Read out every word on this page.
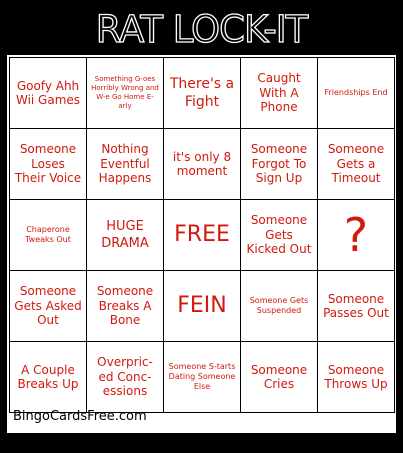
RAT LOCK-IT
Goofy Ahh Wii Games
Something G-oes Horribly Wrong and W-e Go Home E-arly
There's a Fight
Caught With A Phone
Friendships End
Someone Loses Their Voice
Nothing Eventful Happens
it's only 8 moment
Someone Forgot To Sign Up
Someone Gets a Timeout
Chaperone Tweaks Out
HUGE DRAMA	FREE
Someone Gets Kicked Out ?
Someone Gets Asked Out
Someone Breaks A Bone
FEIN	Someone Gets Suspended
Someone Passes Out
A Couple Breaks Up
Overpric-ed Conc-essions
Someone S-tarts Dating Someone Else
Someone Cries
Someone Throws Up
BingoCardsFree.com
